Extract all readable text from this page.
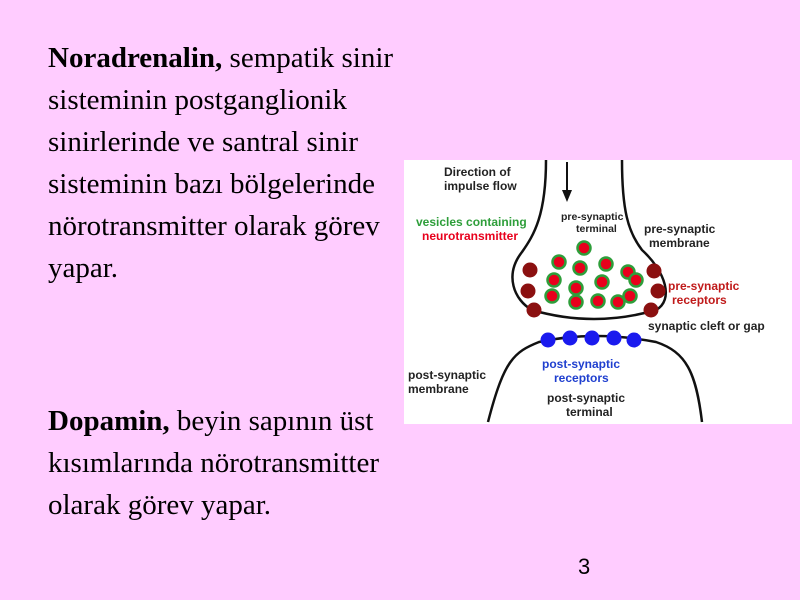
Noradrenalin, sempatik sinir sisteminin postganglionik sinirlerinde ve santral sinir sisteminin bazı bölgelerinde nörotransmitter olarak görev yapar.

Dopamin, beyin sapının üst kısımlarında nörotransmitter olarak görev yapar.

3
Direction of
impulse flow
vesicles containing
neurotransmitter
pre-synaptic
terminal pre-synaptic
membrane
pre-synaptic
receptors
synaptic cleft or gap
post-synaptic
receptors
post-synaptic
membrane
post-synaptic
terminal
